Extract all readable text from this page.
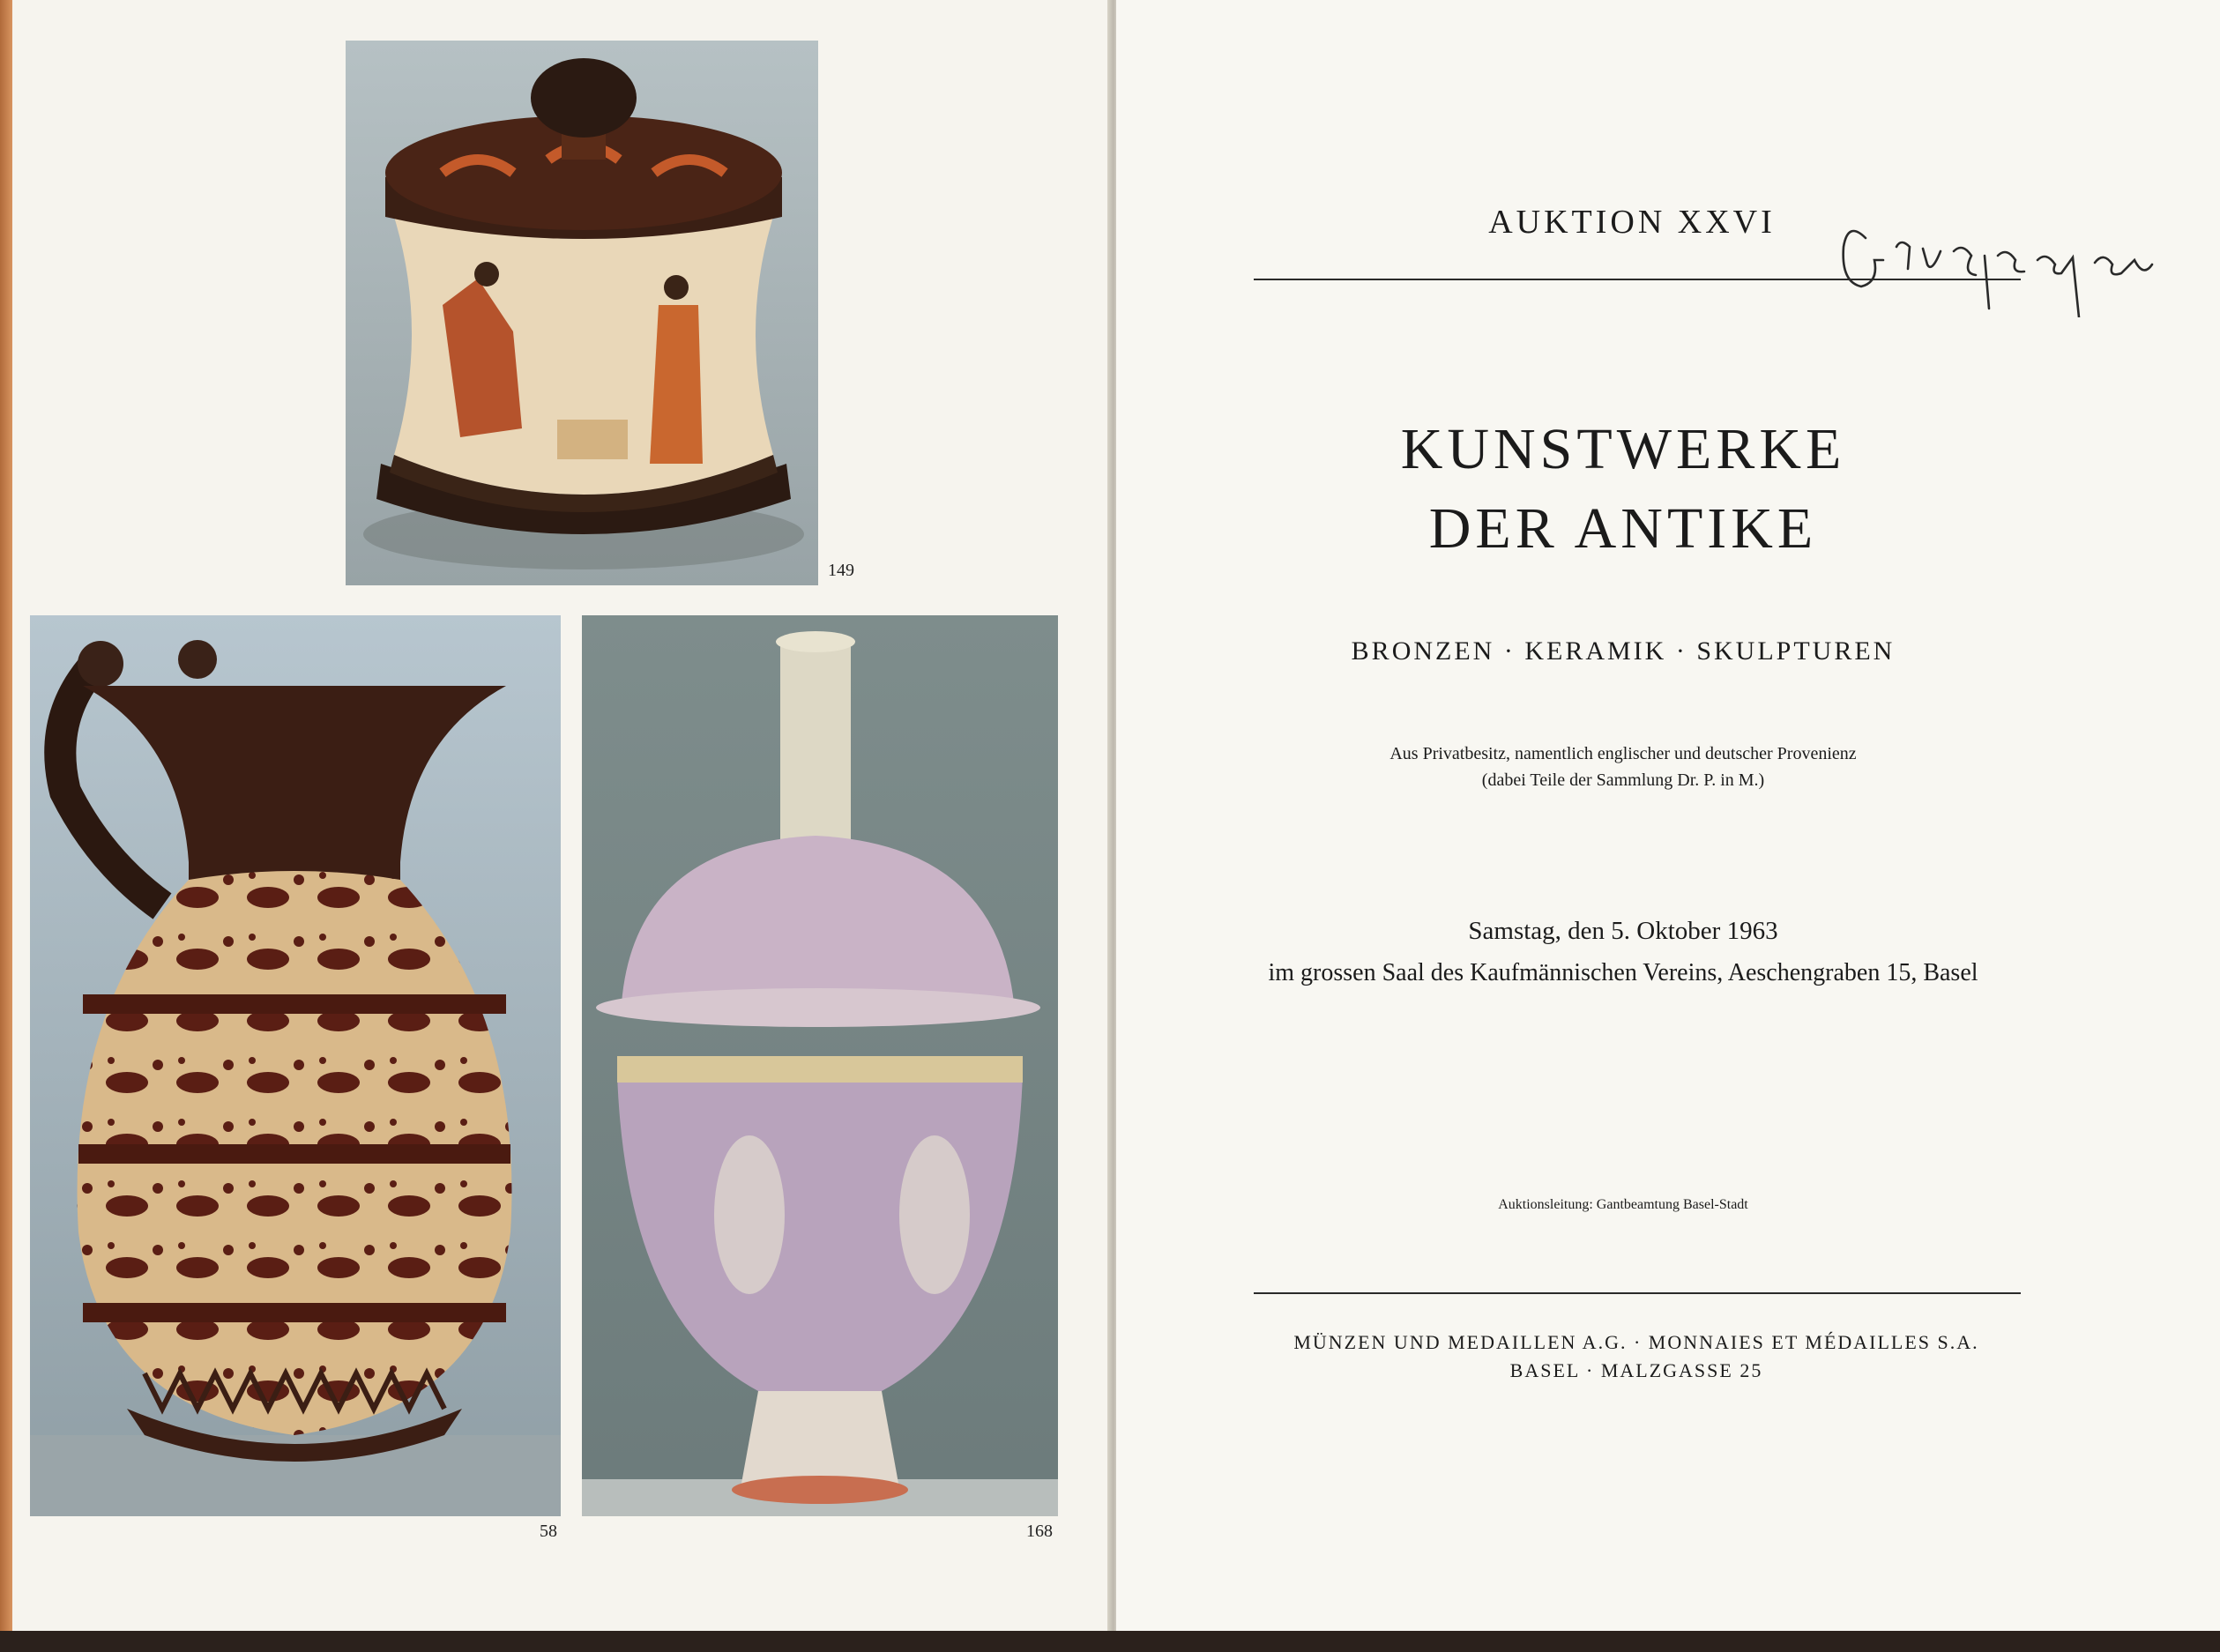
149
58	168
AUKTION XXVI
KUNSTWERKE
DER ANTIKE
BRONZEN · KERAMIK · SKULPTUREN
Aus Privatbesitz, namentlich englischer und deutscher Provenienz
(dabei Teile der Sammlung Dr. P. in M.)
Samstag, den 5. Oktober 1963
im grossen Saal des Kaufmännischen Vereins, Aeschengraben 15, Basel
Auktionsleitung: Gantbeamtung Basel-Stadt
MÜNZEN UND MEDAILLEN A.G. · MONNAIES ET MÉDAILLES S.A.
BASEL · MALZGASSE 25
